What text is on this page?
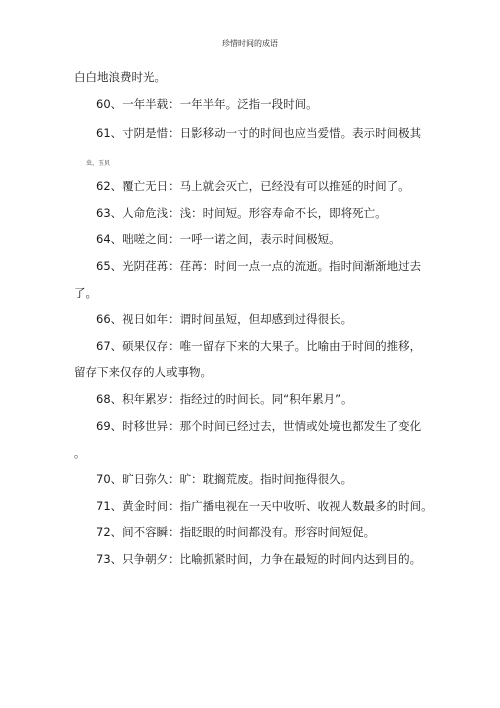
珍惜时间的成语
白白地浪费时光。
60、一年半载：一年半年。泛指一段时间。
61、寸阴是惜：日影移动一寸的时间也应当爱惜。表示时间极其
虫、玉贝
62、覆亡无日：马上就会灭亡，已经没有可以推延的时间了。
63、人命危浅：浅：时间短。形容寿命不长，即将死亡。
64、咄嗟之间：一呼一诺之间，表示时间极短。
65、光阴荏苒：荏苒：时间一点一点的流逝。指时间渐渐地过去
了。
66、视日如年：谓时间虽短，但却感到过得很长。
67、硕果仅存：唯一留存下来的大果子。比喻由于时间的推移，
留存下来仅存的人或事物。
68、积年累岁：指经过的时间长。同“积年累月”。
69、时移世异：那个时间已经过去，世情或处境也都发生了变化
。
70、旷日弥久：旷：耽搁荒废。指时间拖得很久。
71、黄金时间：指广播电视在一天中收听、收视人数最多的时间。
72、间不容瞬：指眨眼的时间都没有。形容时间短促。
73、只争朝夕：比喻抓紧时间，力争在最短的时间内达到目的。
